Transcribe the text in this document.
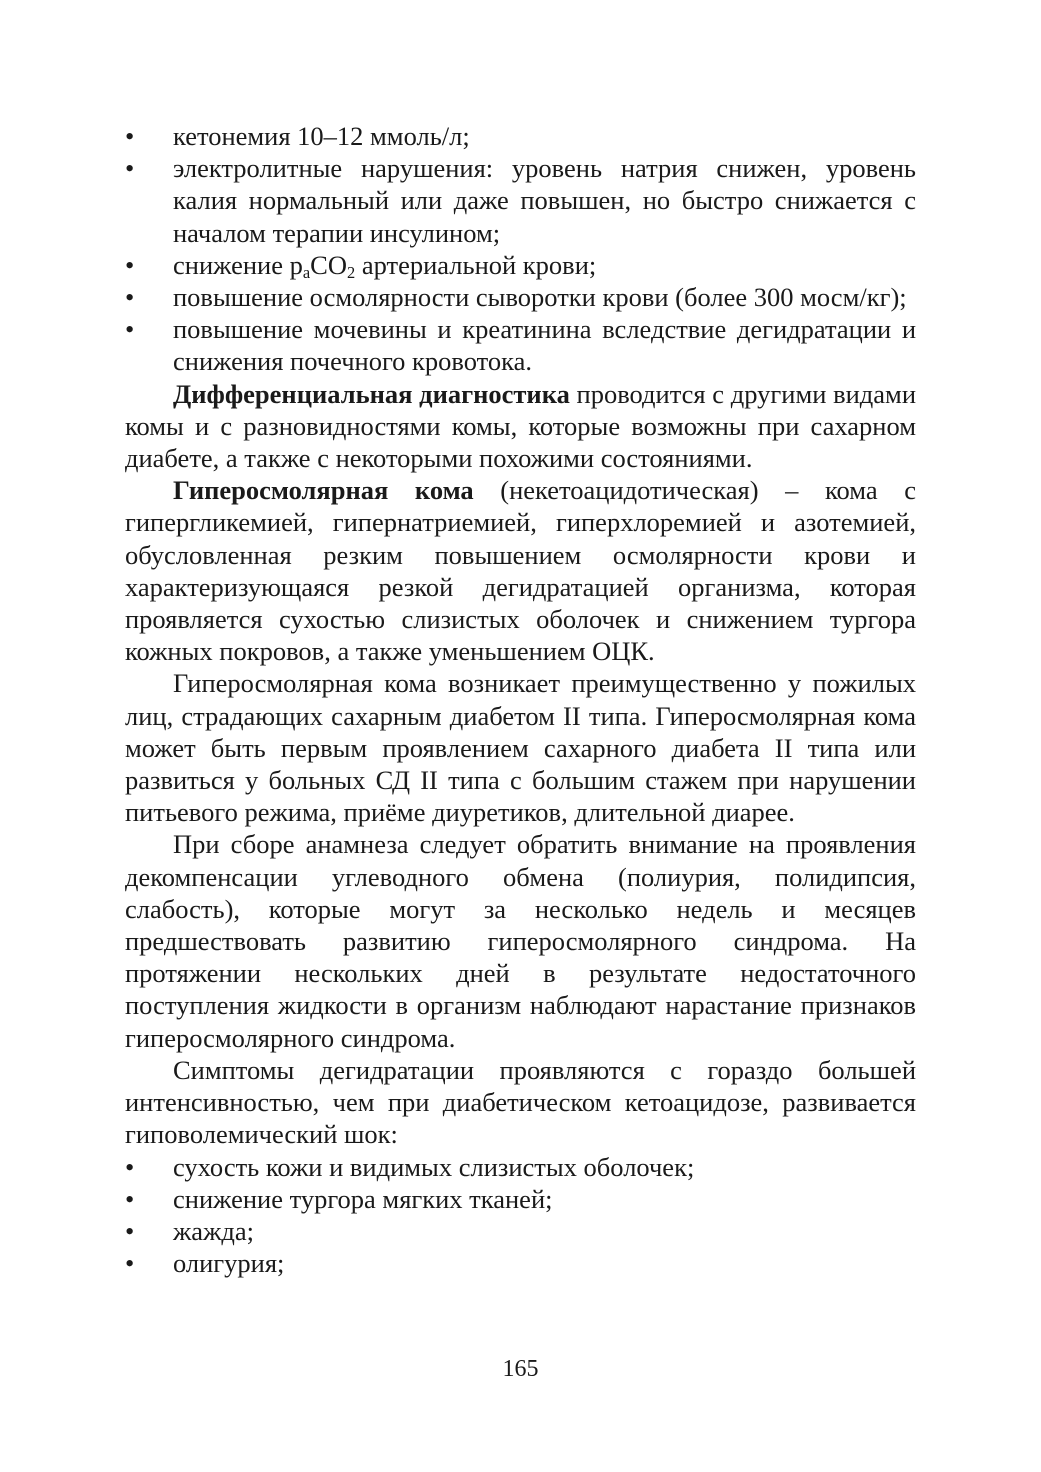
• кетонемия 10–12 ммоль/л;
• электролитные нарушения: уровень натрия снижен, уровень калия нормальный или даже повышен, но быстро снижается с началом терапии инсулином;
• снижение $p_aCO_2$ артериальной крови;
• повышение осмолярности сыворотки крови (более 300 мосм/кг);
• повышение мочевины и креатинина вследствие дегидратации и снижения почечного кровотока.

Дифференциальная диагностика проводится с другими видами комы и с разновидностями комы, которые возможны при сахарном диабете, а также с некоторыми похожими состояниями.

Гиперосмолярная кома (некетоацидотическая) – кома с гипергликемией, гипернатриемией, гиперхлоремией и азотемией, обусловленная резким повышением осмолярности крови и характеризующаяся резкой дегидратацией организма, которая проявляется сухостью слизистых оболочек и снижением тургора кожных покровов, а также уменьшением ОЦК.

Гиперосмолярная кома возникает преимущественно у пожилых лиц, страдающих сахарным диабетом II типа. Гиперосмолярная кома может быть первым проявлением сахарного диабета II типа или развиться у больных СД II типа с большим стажем при нарушении питьевого режима, приёме диуретиков, длительной диарее.

При сборе анамнеза следует обратить внимание на проявления декомпенсации углеводного обмена (полиурия, полидипсия, слабость), которые могут за несколько недель и месяцев предшествовать развитию гиперосмолярного синдрома. На протяжении нескольких дней в результате недостаточного поступления жидкости в организм наблюдают нарастание признаков гиперосмолярного синдрома.

Симптомы дегидратации проявляются с гораздо большей интенсивностью, чем при диабетическом кетоацидозе, развивается гиповолемический шок:

• сухость кожи и видимых слизистых оболочек;
• снижение тургора мягких тканей;
• жажда;
• олигурия;
165
